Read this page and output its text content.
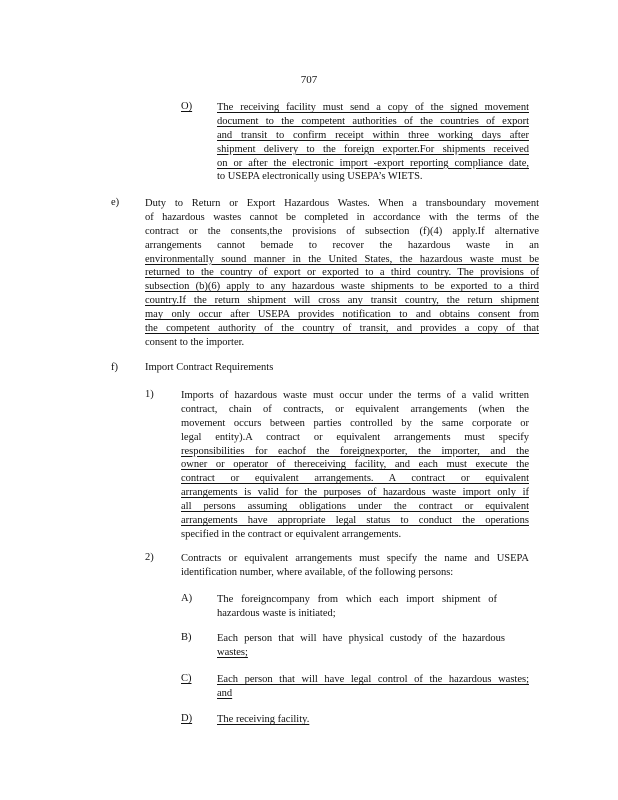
707
O) The receiving facility must send a copy of the signed movement
document to the competent authorities of the countries of export
and transit to confirm receipt within three working days after
shipment delivery to the foreign exporter.For shipments received
on or after the electronic import -export reporting compliance date,
to USEPA electronically using USEPA’s WIETS.
e) Duty to Return or Export Hazardous Wastes. When a transboundary movement
of hazardous wastes cannot be completed in accordance with the terms of the
contract or the consents,the provisions of subsection (f)(4) apply.If alternative
arrangements cannot bemade to recover the hazardous waste in an
environmentally sound manner in the United States, the hazardous waste must be
returned to the country of export or exported to a third country. The provisions of
subsection (b)(6) apply to any hazardous waste shipments to be exported to a third
country.If the return shipment will cross any transit country, the return shipment
may only occur after USEPA provides notification to and obtains consent from
the competent authority of the country of transit, and provides a copy of that
consent to the importer.
f)	Import Contract Requirements
1)	Imports of hazardous waste must occur under the terms of a valid written
contract, chain of contracts, or equivalent arrangements (when the
movement occurs between parties controlled by the same corporate or
legal entity).A contract or equivalent arrangements must specify
responsibilities for eachof the foreignexporter, the importer, and the
owner or operator of thereceiving facility, and each must execute the
contract or equivalent arrangements. A contract or equivalent
arrangements is valid for the purposes of hazardous waste import only if
all persons assuming obligations under the contract or equivalent
arrangements have appropriate legal status to conduct the operations
specified in the contract or equivalent arrangements.
2)	Contracts or equivalent arrangements must specify the name and USEPA
identification number, where available, of the following persons:
A) The foreigncompany from which each import shipment of
hazardous waste is initiated;
B) Each person that will have physical custody of the hazardous
wastes;
C) Each person that will have legal control of the hazardous wastes;
and
D) The receiving facility.
